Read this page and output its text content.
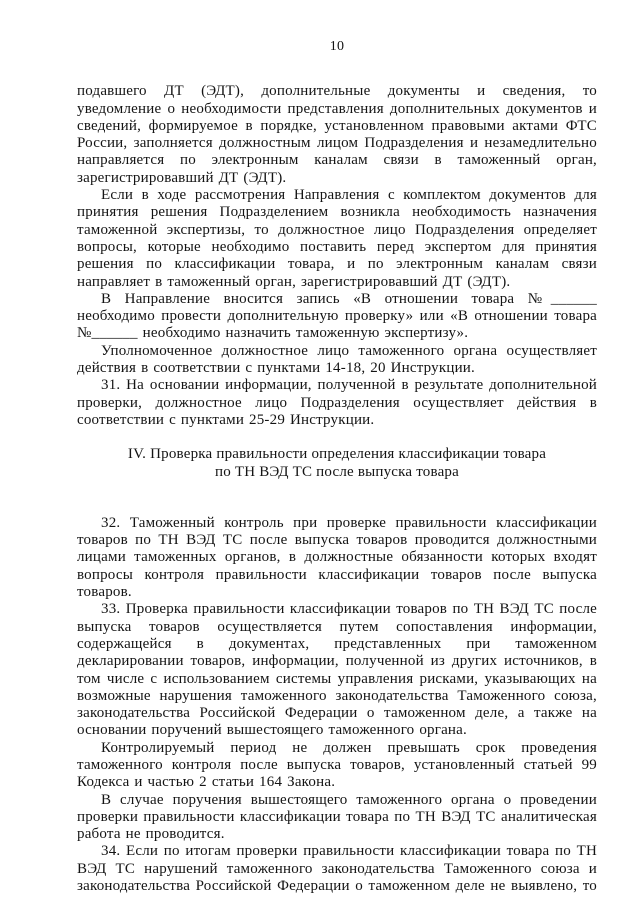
10

подавшего ДТ (ЭДТ), дополнительные документы и сведения, то уведомление о необходимости представления дополнительных документов и сведений, формируемое в порядке, установленном правовыми актами ФТС России, заполняется должностным лицом Подразделения и незамедлительно направляется по электронным каналам связи в таможенный орган, зарегистрировавший ДТ (ЭДТ).

Если в ходе рассмотрения Направления с комплектом документов для принятия решения Подразделением возникла необходимость назначения таможенной экспертизы, то должностное лицо Подразделения определяет вопросы, которые необходимо поставить перед экспертом для принятия решения по классификации товара, и по электронным каналам связи направляет в таможенный орган, зарегистрировавший ДТ (ЭДТ).

В Направление вносится запись «В отношении товара №______ необходимо провести дополнительную проверку» или «В отношении товара №______ необходимо назначить таможенную экспертизу».

Уполномоченное должностное лицо таможенного органа осуществляет действия в соответствии с пунктами 14-18, 20 Инструкции.

31. На основании информации, полученной в результате дополнительной проверки, должностное лицо Подразделения осуществляет действия в соответствии с пунктами 25-29 Инструкции.

IV. Проверка правильности определения классификации товара
по ТН ВЭД ТС после выпуска товара

32. Таможенный контроль при проверке правильности классификации товаров по ТН ВЭД ТС после выпуска товаров проводится должностными лицами таможенных органов, в должностные обязанности которых входят вопросы контроля правильности классификации товаров после выпуска товаров.

33. Проверка правильности классификации товаров по ТН ВЭД ТС после выпуска товаров осуществляется путем сопоставления информации, содержащейся в документах, представленных при таможенном декларировании товаров, информации, полученной из других источников, в том числе с использованием системы управления рисками, указывающих на возможные нарушения таможенного законодательства Таможенного союза, законодательства Российской Федерации о таможенном деле, а также на основании поручений вышестоящего таможенного органа.

Контролируемый период не должен превышать срок проведения таможенного контроля после выпуска товаров, установленный статьей 99 Кодекса и частью 2 статьи 164 Закона.

В случае поручения вышестоящего таможенного органа о проведении проверки правильности классификации товара по ТН ВЭД ТС аналитическая работа не проводится.

34. Если по итогам проверки правильности классификации товара по ТН ВЭД ТС нарушений таможенного законодательства Таможенного союза и законодательства Российской Федерации о таможенном деле не выявлено, то
